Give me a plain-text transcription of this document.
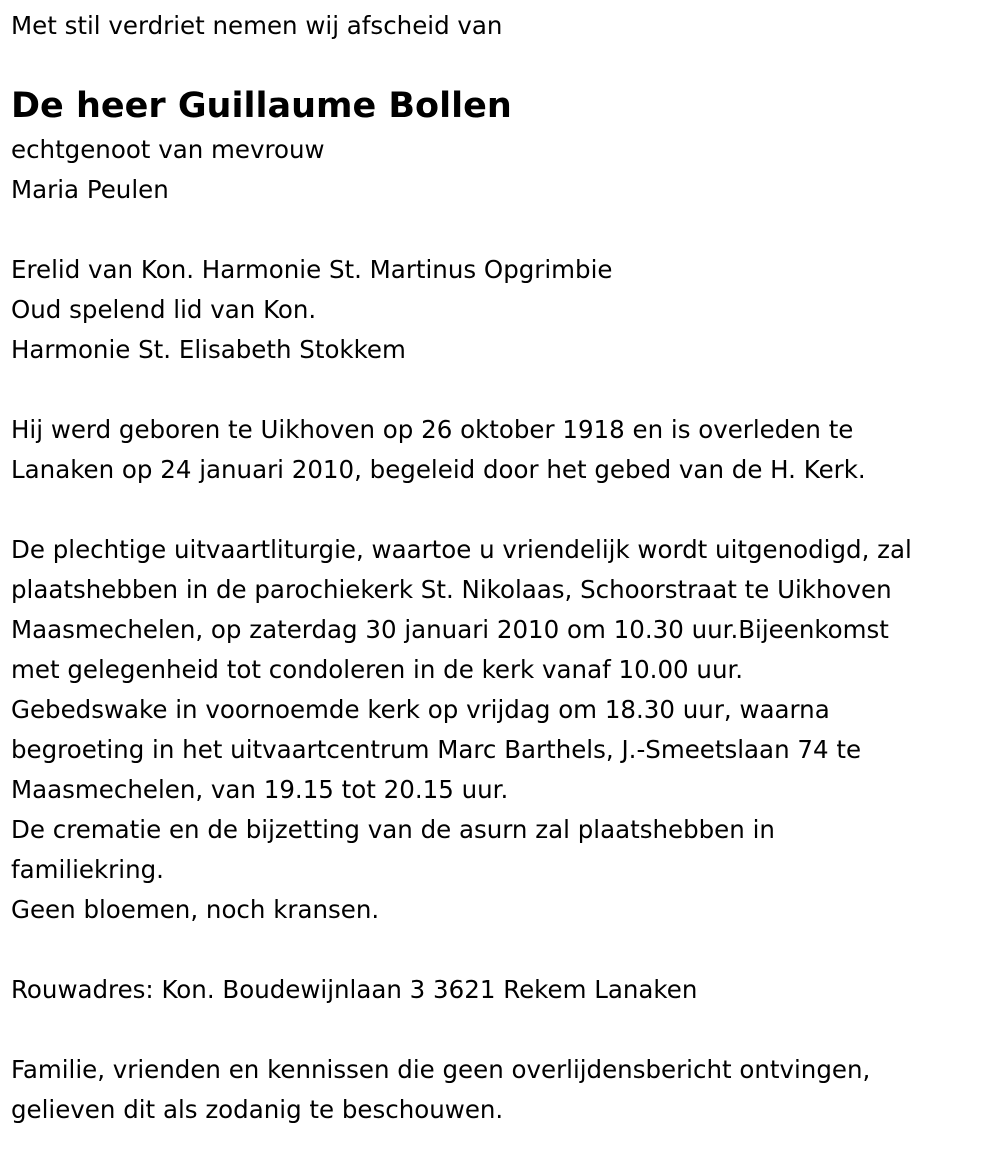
Met stil verdriet nemen wij afscheid van
De heer Guillaume Bollen
echtgenoot van mevrouw
Maria Peulen
Erelid van Kon. Harmonie St. Martinus Opgrimbie
Oud spelend lid van Kon.
Harmonie St. Elisabeth Stokkem
Hij werd geboren te Uikhoven op 26 oktober 1918 en is overleden te
Lanaken op 24 januari 2010, begeleid door het gebed van de H. Kerk.
De plechtige uitvaartliturgie, waartoe u vriendelijk wordt uitgenodigd, zal
plaatshebben in de parochiekerk St. Nikolaas, Schoorstraat te Uikhoven
Maasmechelen, op zaterdag 30 januari 2010 om 10.30 uur.Bijeenkomst
met gelegenheid tot condoleren in de kerk vanaf 10.00 uur.
Gebedswake in voornoemde kerk op vrijdag om 18.30 uur, waarna
begroeting in het uitvaartcentrum Marc Barthels, J.-Smeetslaan 74 te
Maasmechelen, van 19.15 tot 20.15 uur.
De crematie en de bijzetting van de asurn zal plaatshebben in
familiekring.
Geen bloemen, noch kransen.
Rouwadres: Kon. Boudewijnlaan 3 3621 Rekem Lanaken
Familie, vrienden en kennissen die geen overlijdensbericht ontvingen,
gelieven dit als zodanig te beschouwen.
